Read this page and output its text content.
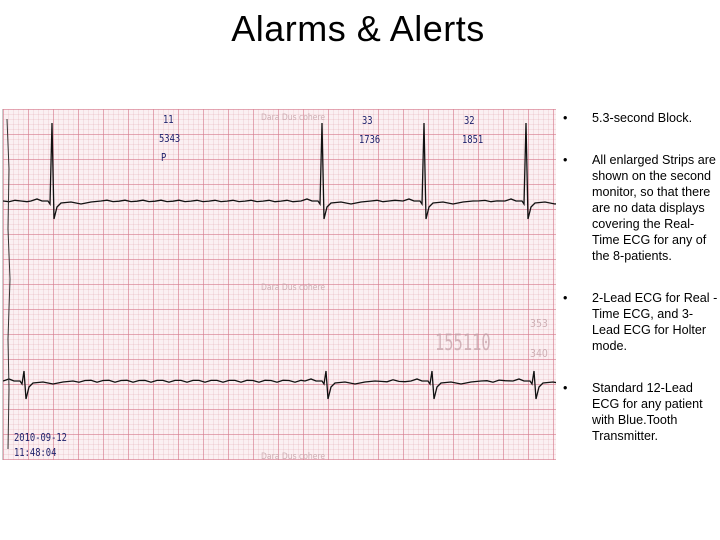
Alarms & Alerts
11
5343
P
33
1736
32
1851
Dara Dus cohere
Dara Dus cohere
Dara Dus cohere
155110
353
340
2010-09-12
11:48:04
• 5.3-second Block.
• All enlarged Strips are shown on the second monitor, so that there are no data displays covering the Real-Time ECG for any of the 8-patients.
• 2-Lead ECG for Real -Time ECG, and 3-Lead ECG for Holter mode.
• Standard 12-Lead ECG for any patient with Blue.Tooth Transmitter.
